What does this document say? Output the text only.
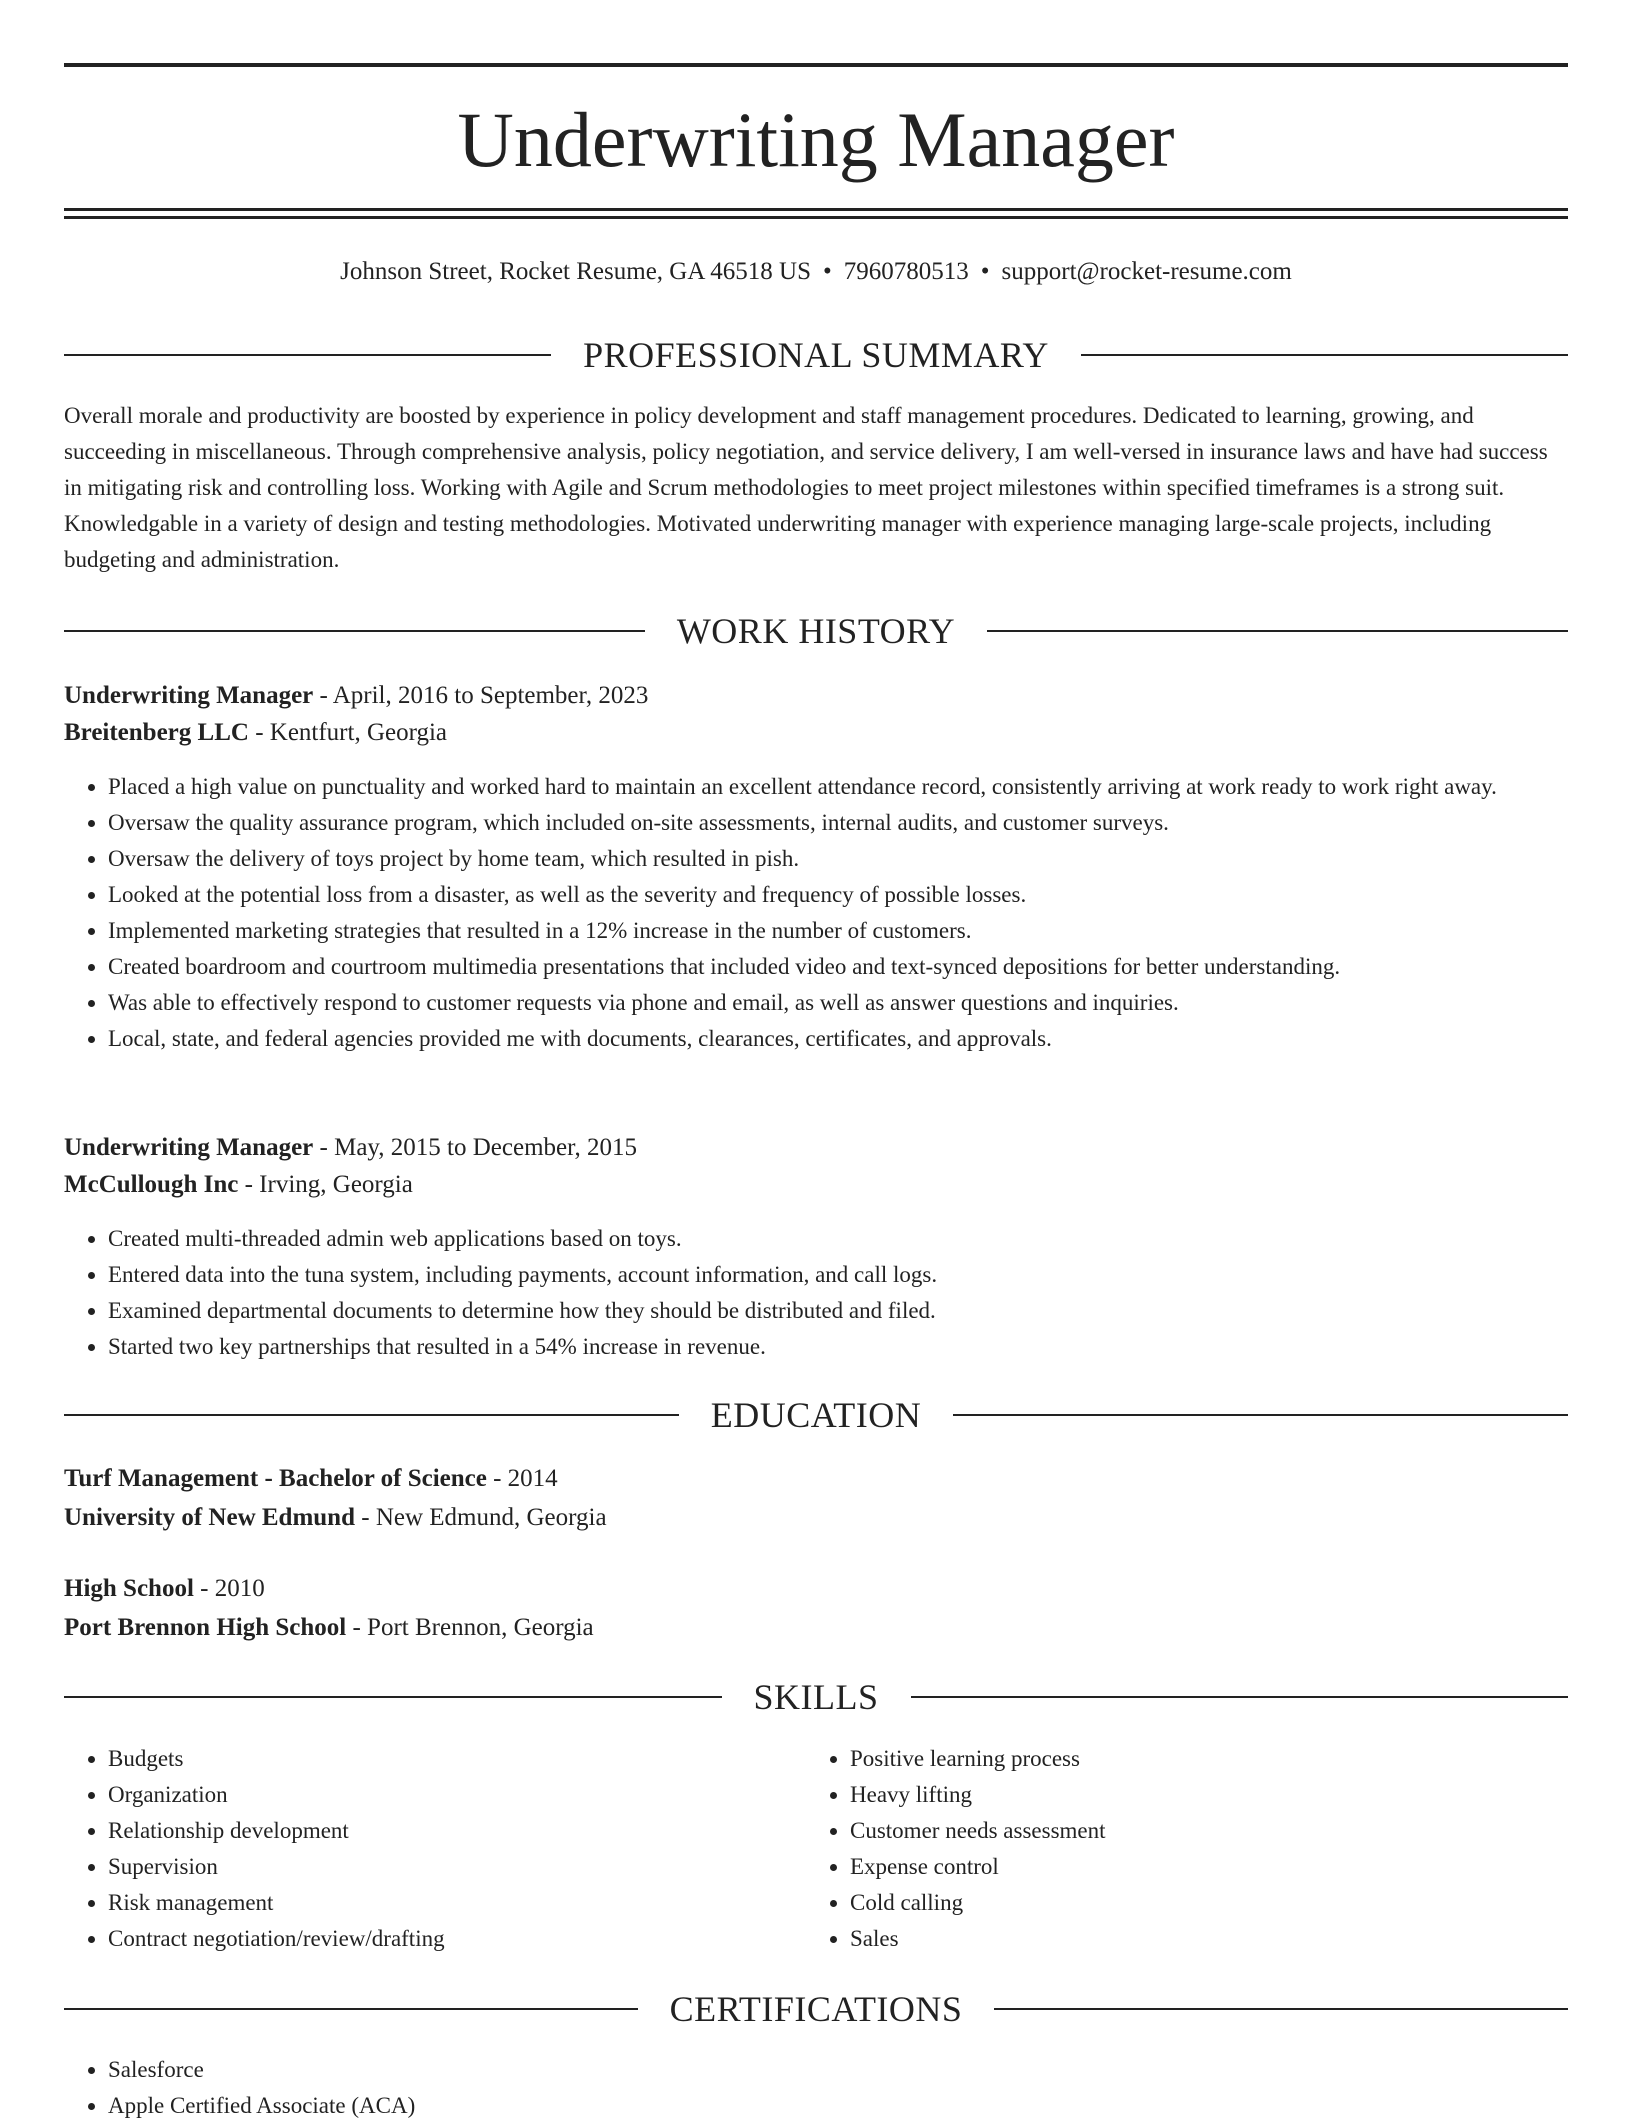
Underwriting Manager
Johnson Street, Rocket Resume, GA 46518 US • 7960780513 • support@rocket-resume.com
PROFESSIONAL SUMMARY

Overall morale and productivity are boosted by experience in policy development and staff management procedures. Dedicated to learning, growing, and succeeding in miscellaneous. Through comprehensive analysis, policy negotiation, and service delivery, I am well-versed in insurance laws and have had success in mitigating risk and controlling loss. Working with Agile and Scrum methodologies to meet project milestones within specified timeframes is a strong suit. Knowledgable in a variety of design and testing methodologies. Motivated underwriting manager with experience managing large-scale projects, including budgeting and administration.

WORK HISTORY
Underwriting Manager - April, 2016 to September, 2023
Breitenberg LLC - Kentfurt, Georgia
• Placed a high value on punctuality and worked hard to maintain an excellent attendance record, consistently arriving at work ready to work right away.
• Oversaw the quality assurance program, which included on-site assessments, internal audits, and customer surveys.
• Oversaw the delivery of toys project by home team, which resulted in pish.
• Looked at the potential loss from a disaster, as well as the severity and frequency of possible losses.
• Implemented marketing strategies that resulted in a 12% increase in the number of customers.
• Created boardroom and courtroom multimedia presentations that included video and text-synced depositions for better understanding.
• Was able to effectively respond to customer requests via phone and email, as well as answer questions and inquiries.
• Local, state, and federal agencies provided me with documents, clearances, certificates, and approvals.
Underwriting Manager - May, 2015 to December, 2015
McCullough Inc - Irving, Georgia
• Created multi-threaded admin web applications based on toys.
• Entered data into the tuna system, including payments, account information, and call logs.
• Examined departmental documents to determine how they should be distributed and filed.
• Started two key partnerships that resulted in a 54% increase in revenue.
EDUCATION
Turf Management - Bachelor of Science - 2014
University of New Edmund - New Edmund, Georgia
High School - 2010
Port Brennon High School - Port Brennon, Georgia
SKILLS
• Budgets
• Organization
• Relationship development
• Supervision
• Risk management
• Contract negotiation/review/drafting
• Positive learning process
• Heavy lifting
• Customer needs assessment
• Expense control
• Cold calling
• Sales
CERTIFICATIONS
• Salesforce
• Apple Certified Associate (ACA)
